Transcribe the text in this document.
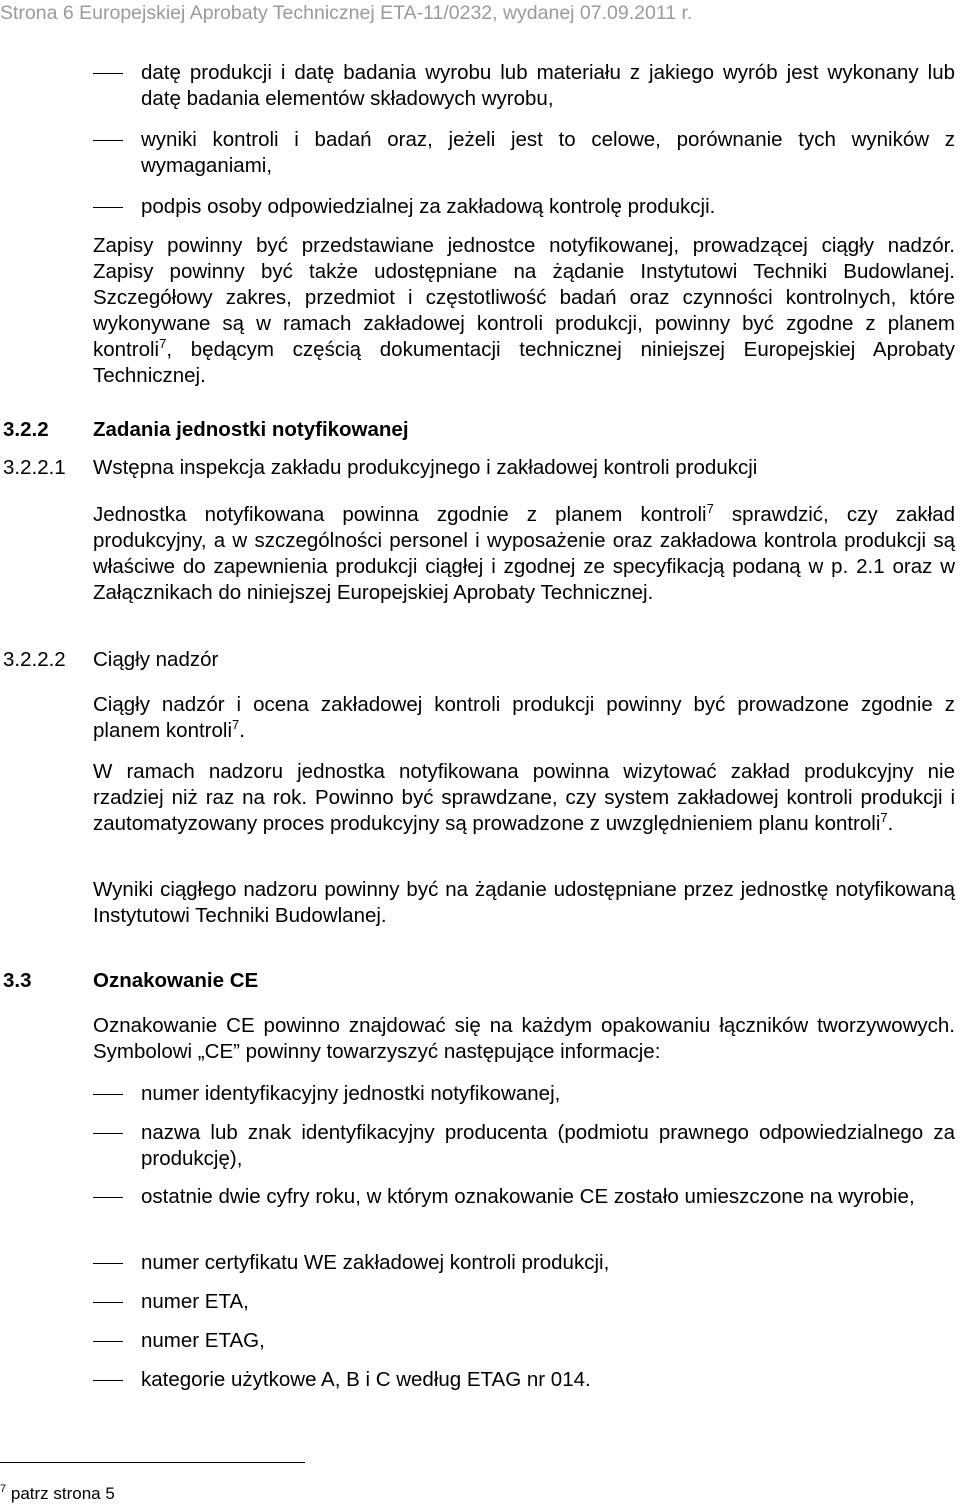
Strona 6 Europejskiej Aprobaty Technicznej ETA-11/0232, wydanej 07.09.2011 r.
datę produkcji i datę badania wyrobu lub materiału z jakiego wyrób jest wykonany lub datę badania elementów składowych wyrobu,
wyniki kontroli i badań oraz, jeżeli jest to celowe, porównanie tych wyników z wymaganiami,
podpis osoby odpowiedzialnej za zakładową kontrolę produkcji.
Zapisy powinny być przedstawiane jednostce notyfikowanej, prowadzącej ciągły nadzór. Zapisy powinny być także udostępniane na żądanie Instytutowi Techniki Budowlanej. Szczegółowy zakres, przedmiot i częstotliwość badań oraz czynności kontrolnych, które wykonywane są w ramach zakładowej kontroli produkcji, powinny być zgodne z planem kontroli$^7$, będącym częścią dokumentacji technicznej niniejszej Europejskiej Aprobaty Technicznej.
3.2.2 Zadania jednostki notyfikowanej
3.2.2.1 Wstępna inspekcja zakładu produkcyjnego i zakładowej kontroli produkcji
Jednostka notyfikowana powinna zgodnie z planem kontroli$^7$ sprawdzić, czy zakład produkcyjny, a w szczególności personel i wyposażenie oraz zakładowa kontrola produkcji są właściwe do zapewnienia produkcji ciągłej i zgodnej ze specyfikacją podaną w p. 2.1 oraz w Załącznikach do niniejszej Europejskiej Aprobaty Technicznej.
3.2.2.2 Ciągły nadzór
Ciągły nadzór i ocena zakładowej kontroli produkcji powinny być prowadzone zgodnie z planem kontroli$^7$.
W ramach nadzoru jednostka notyfikowana powinna wizytować zakład produkcyjny nie rzadziej niż raz na rok. Powinno być sprawdzane, czy system zakładowej kontroli produkcji i zautomatyzowany proces produkcyjny są prowadzone z uwzględnieniem planu kontroli$^7$.
Wyniki ciągłego nadzoru powinny być na żądanie udostępniane przez jednostkę notyfikowaną Instytutowi Techniki Budowlanej.
3.3	Oznakowanie CE
Oznakowanie CE powinno znajdować się na każdym opakowaniu łączników tworzywowych. Symbolowi „CE” powinny towarzyszyć następujące informacje:
numer identyfikacyjny jednostki notyfikowanej,
nazwa lub znak identyfikacyjny producenta (podmiotu prawnego odpowiedzialnego za produkcję),
ostatnie dwie cyfry roku, w którym oznakowanie CE zostało umieszczone na wyrobie,
numer certyfikatu WE zakładowej kontroli produkcji,
numer ETA,
numer ETAG,
kategorie użytkowe A, B i C według ETAG nr 014.
$^7$ patrz strona 5
